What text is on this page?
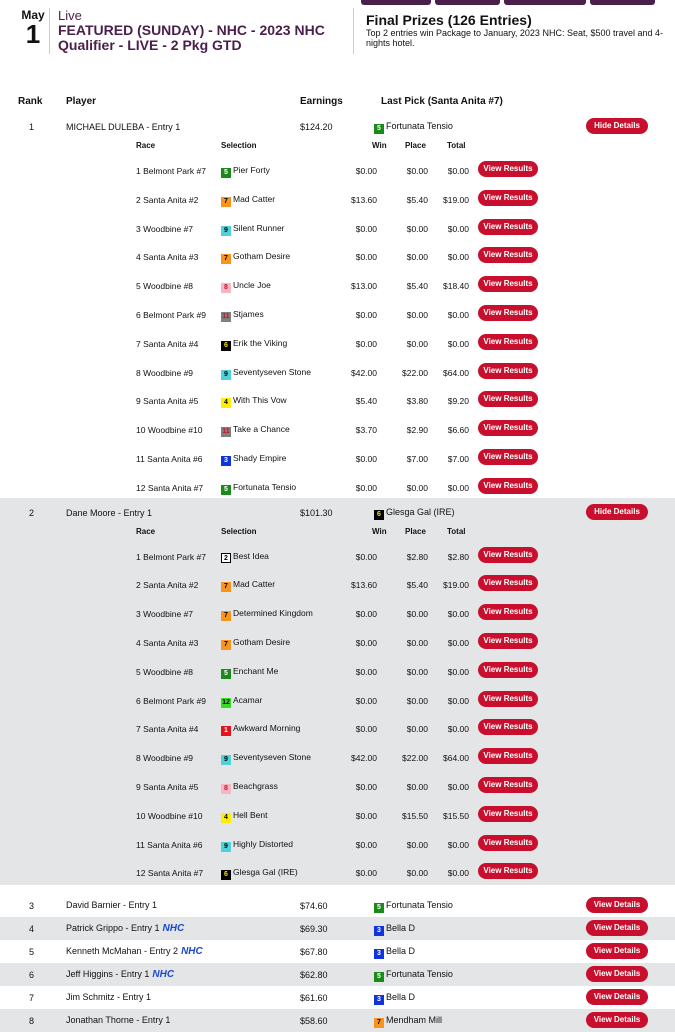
May
1
Live
FEATURED (SUNDAY) - NHC - 2023 NHC Qualifier - LIVE - 2 Pkg GTD
Final Prizes (126 Entries)
Top 2 entries win Package to January, 2023 NHC: Seat, $500 travel and 4-nights hotel.
Rank Player	Earnings	Last Pick (Santa Anita #7)
1	MICHAEL DULEBA - Entry 1	$124.20	5 Fortunata Tensio	Hide Details
Race	Selection	Win Place	Total
1 Belmont Park #7	5 Pier Forty	$0.00	$0.00 $0.00	View Results
2 Santa Anita #2	7 Mad Catter	$13.60	$5.40 $19.00	View Results
3 Woodbine #7	9 Silent Runner	$0.00	$0.00 $0.00	View Results
4 Santa Anita #3	7 Gotham Desire	$0.00	$0.00 $0.00	View Results
5 Woodbine #8	8 Uncle Joe	$13.00	$5.40 $18.40	View Results
6 Belmont Park #9 11 Stjames	$0.00	$0.00 $0.00	View Results
7 Santa Anita #4	6 Erik the Viking	$0.00	$0.00 $0.00	View Results
8 Woodbine #9	9 Seventyseven Stone	$42.00	$22.00 $64.00	View Results
9 Santa Anita #5	4 With This Vow	$5.40	$3.80 $9.20	View Results
10 Woodbine #10	11 Take a Chance	$3.70	$2.90 $6.60	View Results
11 Santa Anita #6	3 Shady Empire	$0.00	$7.00 $7.00	View Results
12 Santa Anita #7	5 Fortunata Tensio	$0.00	$0.00 $0.00	View Results
2	Dane Moore - Entry 1	$101.30	6 Glesga Gal (IRE)	Hide Details
Race	Selection	Win Place	Total
1 Belmont Park #7	2 Best Idea	$0.00	$2.80 $2.80	View Results
2 Santa Anita #2	7 Mad Catter	$13.60	$5.40 $19.00	View Results
3 Woodbine #7	7 Determined Kingdom	$0.00	$0.00 $0.00	View Results
4 Santa Anita #3	7 Gotham Desire	$0.00	$0.00 $0.00	View Results
5 Woodbine #8	5 Enchant Me	$0.00	$0.00 $0.00	View Results
6 Belmont Park #9 12 Acamar	$0.00	$0.00 $0.00	View Results
7 Santa Anita #4	1 Awkward Morning	$0.00	$0.00 $0.00	View Results
8 Woodbine #9	9 Seventyseven Stone	$42.00	$22.00 $64.00	View Results
9 Santa Anita #5	8 Beachgrass	$0.00	$0.00 $0.00	View Results
10 Woodbine #10	4 Hell Bent	$0.00	$15.50 $15.50	View Results
11 Santa Anita #6	9 Highly Distorted	$0.00	$0.00 $0.00	View Results
12 Santa Anita #7	6 Glesga Gal (IRE)	$0.00	$0.00 $0.00	View Results
3	David Barnier - Entry 1	$74.60	5 Fortunata Tensio	View Details
4	Patrick Grippo - Entry 1 NHC	$69.30	3 Bella D	View Details
5	Kenneth McMahan - Entry 2 NHC	$67.80	3 Bella D	View Details
6	Jeff Higgins - Entry 1 NHC	$62.80	5 Fortunata Tensio	View Details
7	Jim Schmitz - Entry 1	$61.60	3 Bella D	View Details
8	Jonathan Thorne - Entry 1	$58.60	7 Mendham Mill	View Details
